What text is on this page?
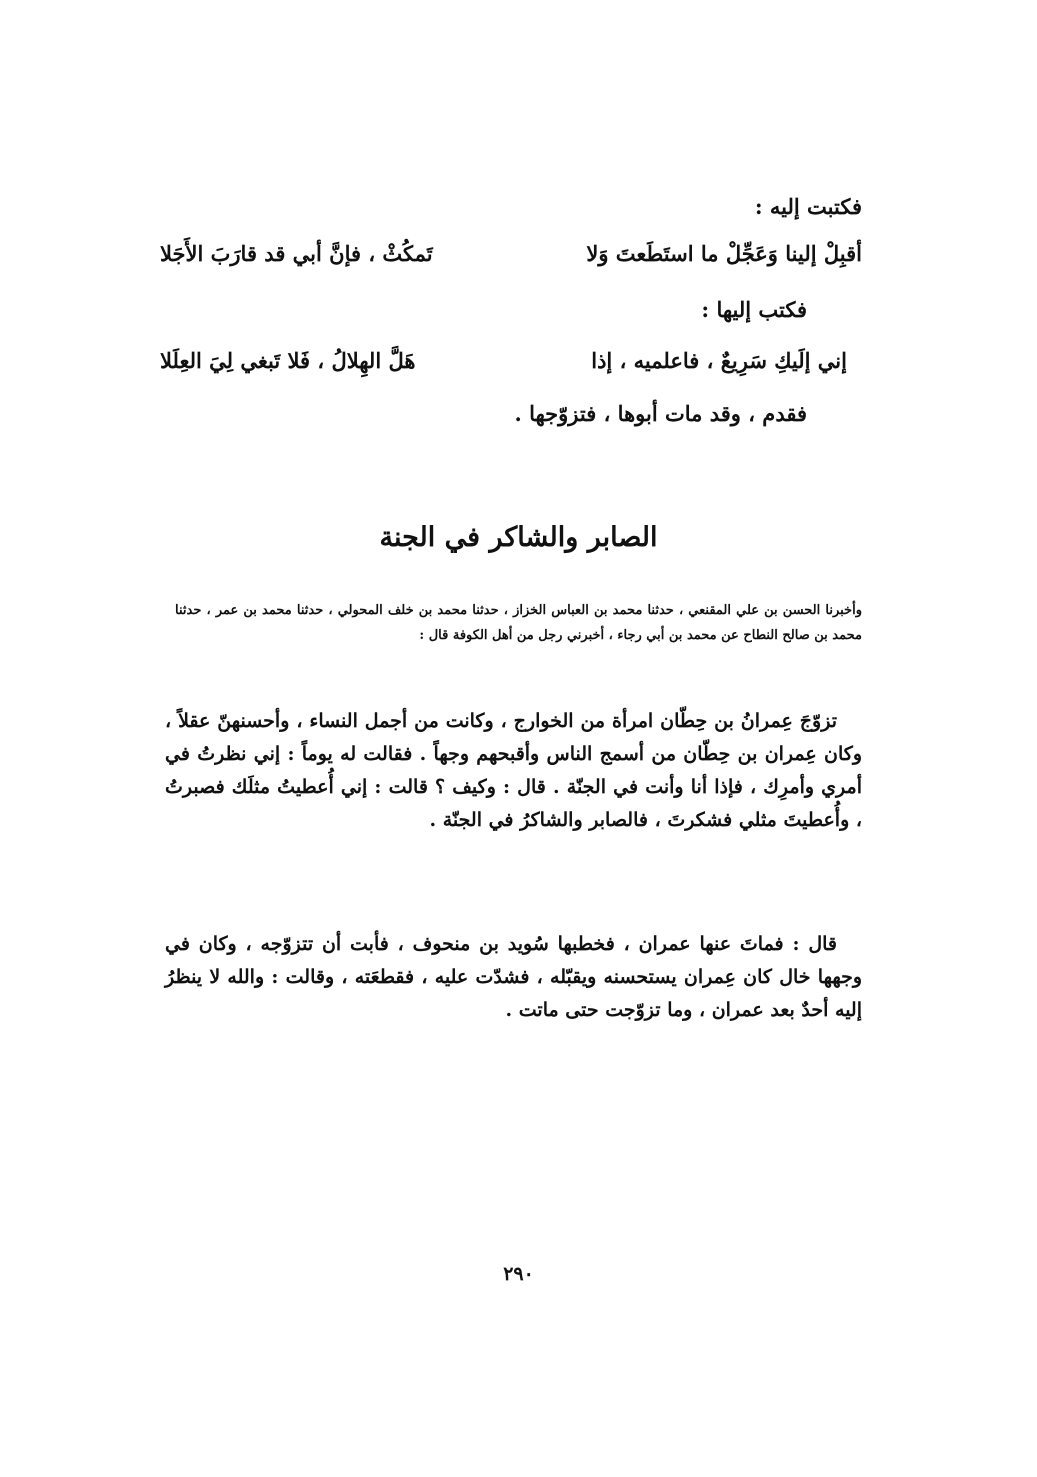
فكتبت إليه :
أقبِلْ إلينا وَعَجِّلْ ما استَطَعتَ وَلا
تَمكُثْ ، فإنَّ أبي قد قارَبَ الأَجَلا
فكتب إليها :
إني إلَيكِ سَرِيعٌ ، فاعلميه ، إذا
هَلَّ الهِلالُ ، فَلا تَبغي لِيَ العِلَلا
فقدم ، وقد مات أبوها ، فتزوّجها .
الصابر والشاكر في الجنة
وأخبرنا الحسن بن علي المقنعي ، حدثنا محمد بن العباس الخزاز ، حدثنا محمد بن خلف المحولي ، حدثنا محمد بن عمر ، حدثنا محمد بن صالح النطاح عن محمد بن أبي رجاء ، أخبرني رجل من أهل الكوفة قال :
تزوّجَ عِمرانُ بن حِطّان امرأة من الخوارج ، وكانت من أجمل النساء ، وأحسنهنّ عقلاً ، وكان عِمران بن حِطّان من أسمج الناس وأقبحهم وجهاً . فقالت له يوماً : إني نظرتُ في أمري وأمرِك ، فإذا أنا وأنت في الجنّة . قال : وكيف ؟ قالت : إني أُعطيتُ مثلَك فصبرتُ ، وأُعطيتَ مثلي فشكرتَ ، فالصابر والشاكرُ في الجنّة .
قال : فماتَ عنها عمران ، فخطبها سُويد بن منحوف ، فأبت أن تتزوّجه ، وكان في وجهها خال كان عِمران يستحسنه ويقبّله ، فشدّت عليه ، فقطعَته ، وقالت : والله لا ينظرُ إليه أحدٌ بعد عمران ، وما تزوّجت حتى ماتت .
٢٩٠
